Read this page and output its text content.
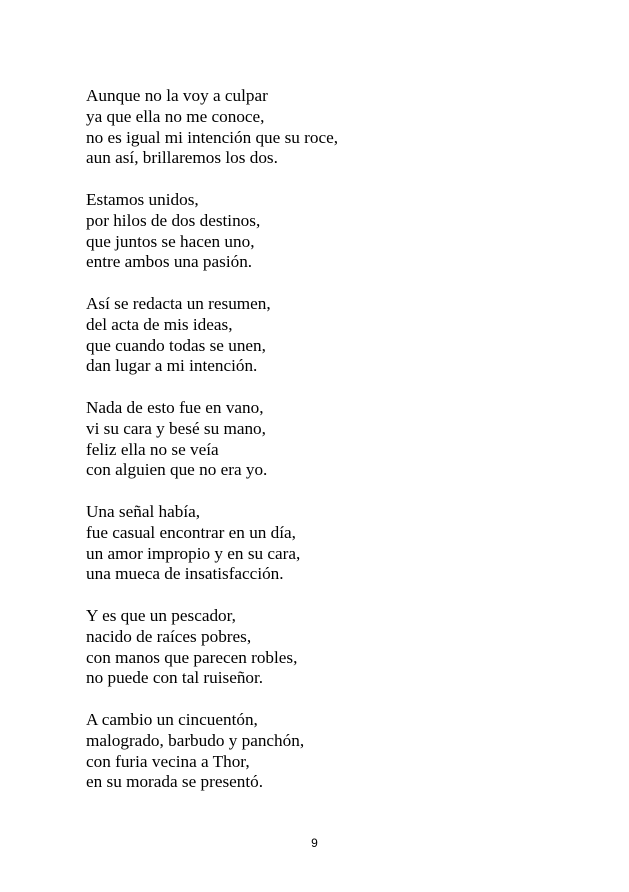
Aunque no la voy a culpar
ya que ella no me conoce,
no es igual mi intención que su roce,
aun así, brillaremos los dos.
Estamos unidos,
por hilos de dos destinos,
que juntos se hacen uno,
entre ambos una pasión.
Así se redacta un resumen,
del acta de mis ideas,
que cuando todas se unen,
dan lugar a mi intención.
Nada de esto fue en vano,
vi su cara y besé su mano,
feliz ella no se veía
con alguien que no era yo.
Una señal había,
fue casual encontrar en un día,
un amor impropio y en su cara,
una mueca de insatisfacción.
Y es que un pescador,
nacido de raíces pobres,
con manos que parecen robles,
no puede con tal ruiseñor.
A cambio un cincuentón,
malogrado, barbudo y panchón,
con furia vecina a Thor,
en su morada se presentó.
9
